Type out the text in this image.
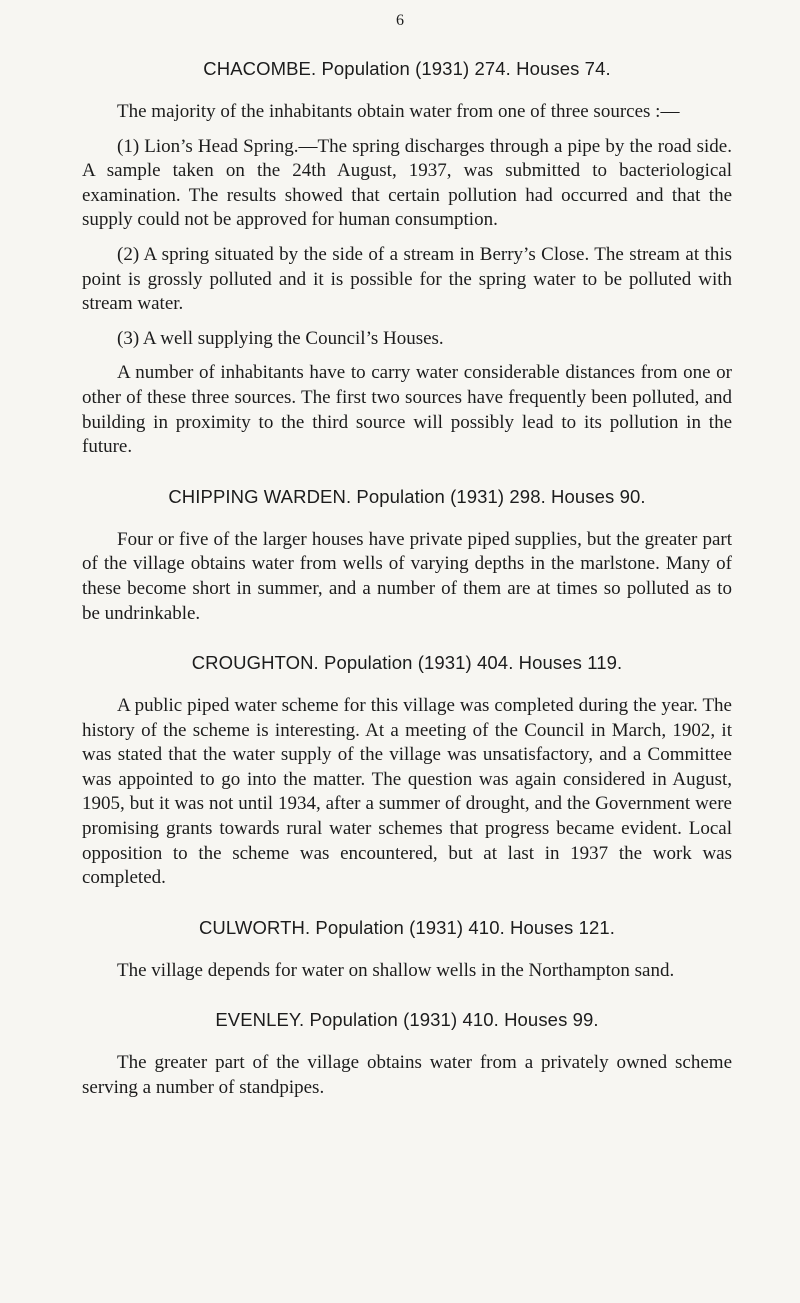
6
CHACOMBE. Population (1931) 274. Houses 74.

The majority of the inhabitants obtain water from one of three sources :—

(1) Lion’s Head Spring.—The spring discharges through a pipe by the road side. A sample taken on the 24th August, 1937, was submitted to bacteriological examination. The results showed that certain pollution had occurred and that the supply could not be approved for human consumption.

(2) A spring situated by the side of a stream in Berry’s Close. The stream at this point is grossly polluted and it is possible for the spring water to be polluted with stream water.

(3) A well supplying the Council’s Houses.

A number of inhabitants have to carry water considerable distances from one or other of these three sources. The first two sources have frequently been polluted, and building in proximity to the third source will possibly lead to its pollution in the future.

CHIPPING WARDEN. Population (1931) 298. Houses 90.

Four or five of the larger houses have private piped supplies, but the greater part of the village obtains water from wells of varying depths in the marlstone. Many of these become short in summer, and a number of them are at times so polluted as to be undrinkable.

CROUGHTON. Population (1931) 404. Houses 119.

A public piped water scheme for this village was completed during the year. The history of the scheme is interesting. At a meeting of the Council in March, 1902, it was stated that the water supply of the village was unsatisfactory, and a Committee was appointed to go into the matter. The question was again considered in August, 1905, but it was not until 1934, after a summer of drought, and the Government were promising grants towards rural water schemes that progress became evident. Local opposition to the scheme was encountered, but at last in 1937 the work was completed.

CULWORTH. Population (1931) 410. Houses 121.

The village depends for water on shallow wells in the Northampton sand.

EVENLEY. Population (1931) 410. Houses 99.

The greater part of the village obtains water from a privately owned scheme serving a number of standpipes.
